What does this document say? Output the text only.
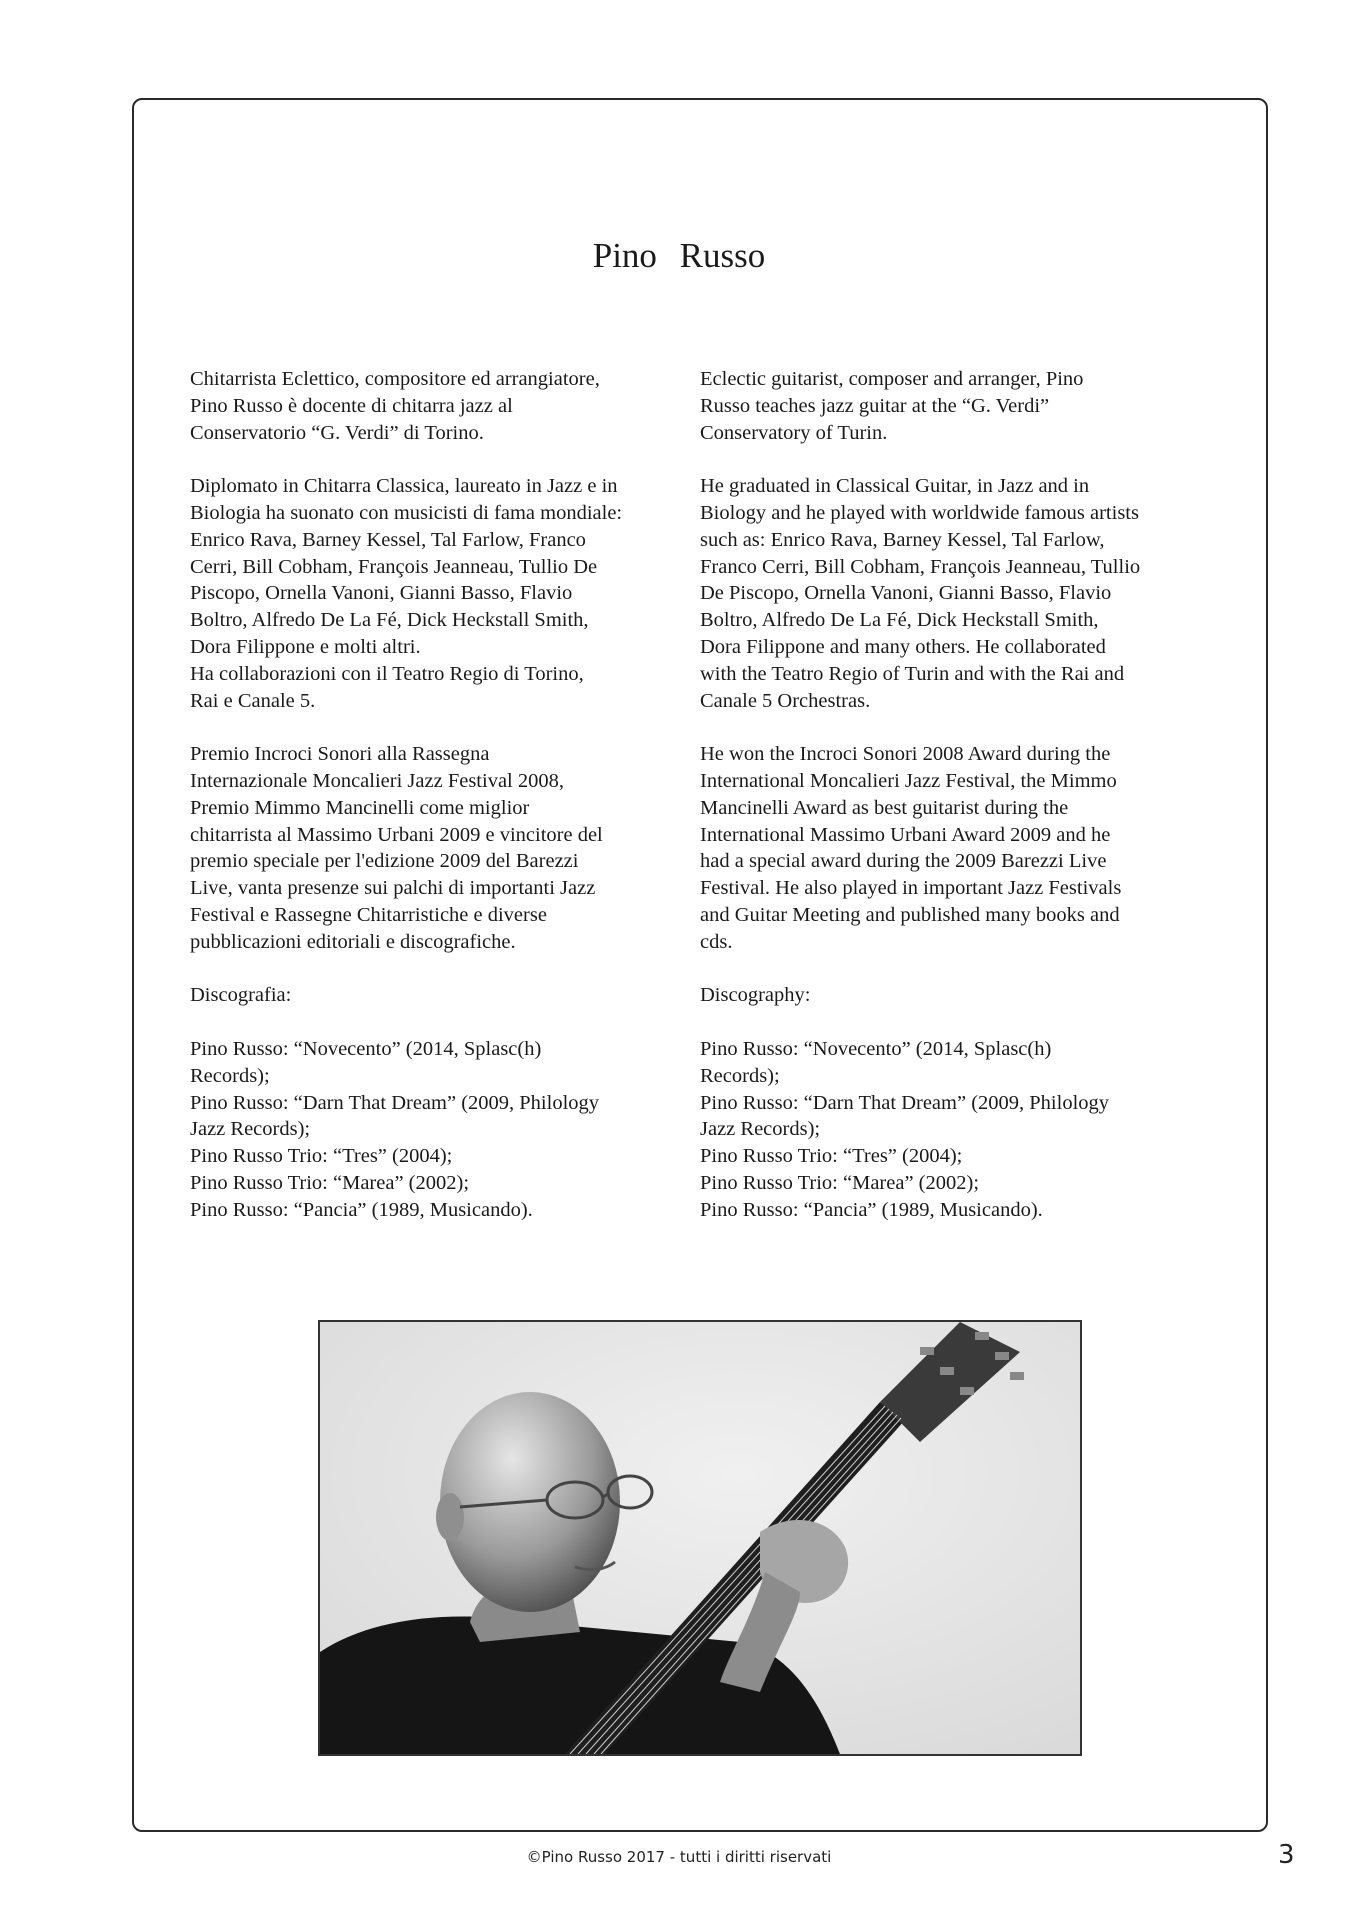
Pino Russo

Chitarrista Eclettico, compositore ed arrangiatore,
Pino Russo è docente di chitarra jazz al
Conservatorio “G. Verdi” di Torino.

Diplomato in Chitarra Classica, laureato in Jazz e in
Biologia ha suonato con musicisti di fama mondiale:
Enrico Rava, Barney Kessel, Tal Farlow, Franco
Cerri, Bill Cobham, François Jeanneau, Tullio De
Piscopo, Ornella Vanoni, Gianni Basso, Flavio
Boltro, Alfredo De La Fé, Dick Heckstall Smith,
Dora Filippone e molti altri.
Ha collaborazioni con il Teatro Regio di Torino,
Rai e Canale 5.

Premio Incroci Sonori alla Rassegna
Internazionale Moncalieri Jazz Festival 2008,
Premio Mimmo Mancinelli come miglior
chitarrista al Massimo Urbani 2009 e vincitore del
premio speciale per l'edizione 2009 del Barezzi
Live, vanta presenze sui palchi di importanti Jazz
Festival e Rassegne Chitarristiche e diverse
pubblicazioni editoriali e discografiche.

Discografia:

Pino Russo: “Novecento” (2014, Splasc(h)
Records);
Pino Russo: “Darn That Dream” (2009, Philology
Jazz Records);
Pino Russo Trio: “Tres” (2004);
Pino Russo Trio: “Marea” (2002);
Pino Russo: “Pancia” (1989, Musicando).

Eclectic guitarist, composer and arranger, Pino
Russo teaches jazz guitar at the “G. Verdi”
Conservatory of Turin.

He graduated in Classical Guitar, in Jazz and in
Biology and he played with worldwide famous artists
such as: Enrico Rava, Barney Kessel, Tal Farlow,
Franco Cerri, Bill Cobham, François Jeanneau, Tullio
De Piscopo, Ornella Vanoni, Gianni Basso, Flavio
Boltro, Alfredo De La Fé, Dick Heckstall Smith,
Dora Filippone and many others. He collaborated
with the Teatro Regio of Turin and with the Rai and
Canale 5 Orchestras.

He won the Incroci Sonori 2008 Award during the
International Moncalieri Jazz Festival, the Mimmo
Mancinelli Award as best guitarist during the
International Massimo Urbani Award 2009 and he
had a special award during the 2009 Barezzi Live
Festival. He also played in important Jazz Festivals
and Guitar Meeting and published many books and
cds.

Discography:

Pino Russo: “Novecento” (2014, Splasc(h)
Records);
Pino Russo: “Darn That Dream” (2009, Philology
Jazz Records);
Pino Russo Trio: “Tres” (2004);
Pino Russo Trio: “Marea” (2002);
Pino Russo: “Pancia” (1989, Musicando).

©Pino Russo 2017 - tutti i diritti riservati	3
